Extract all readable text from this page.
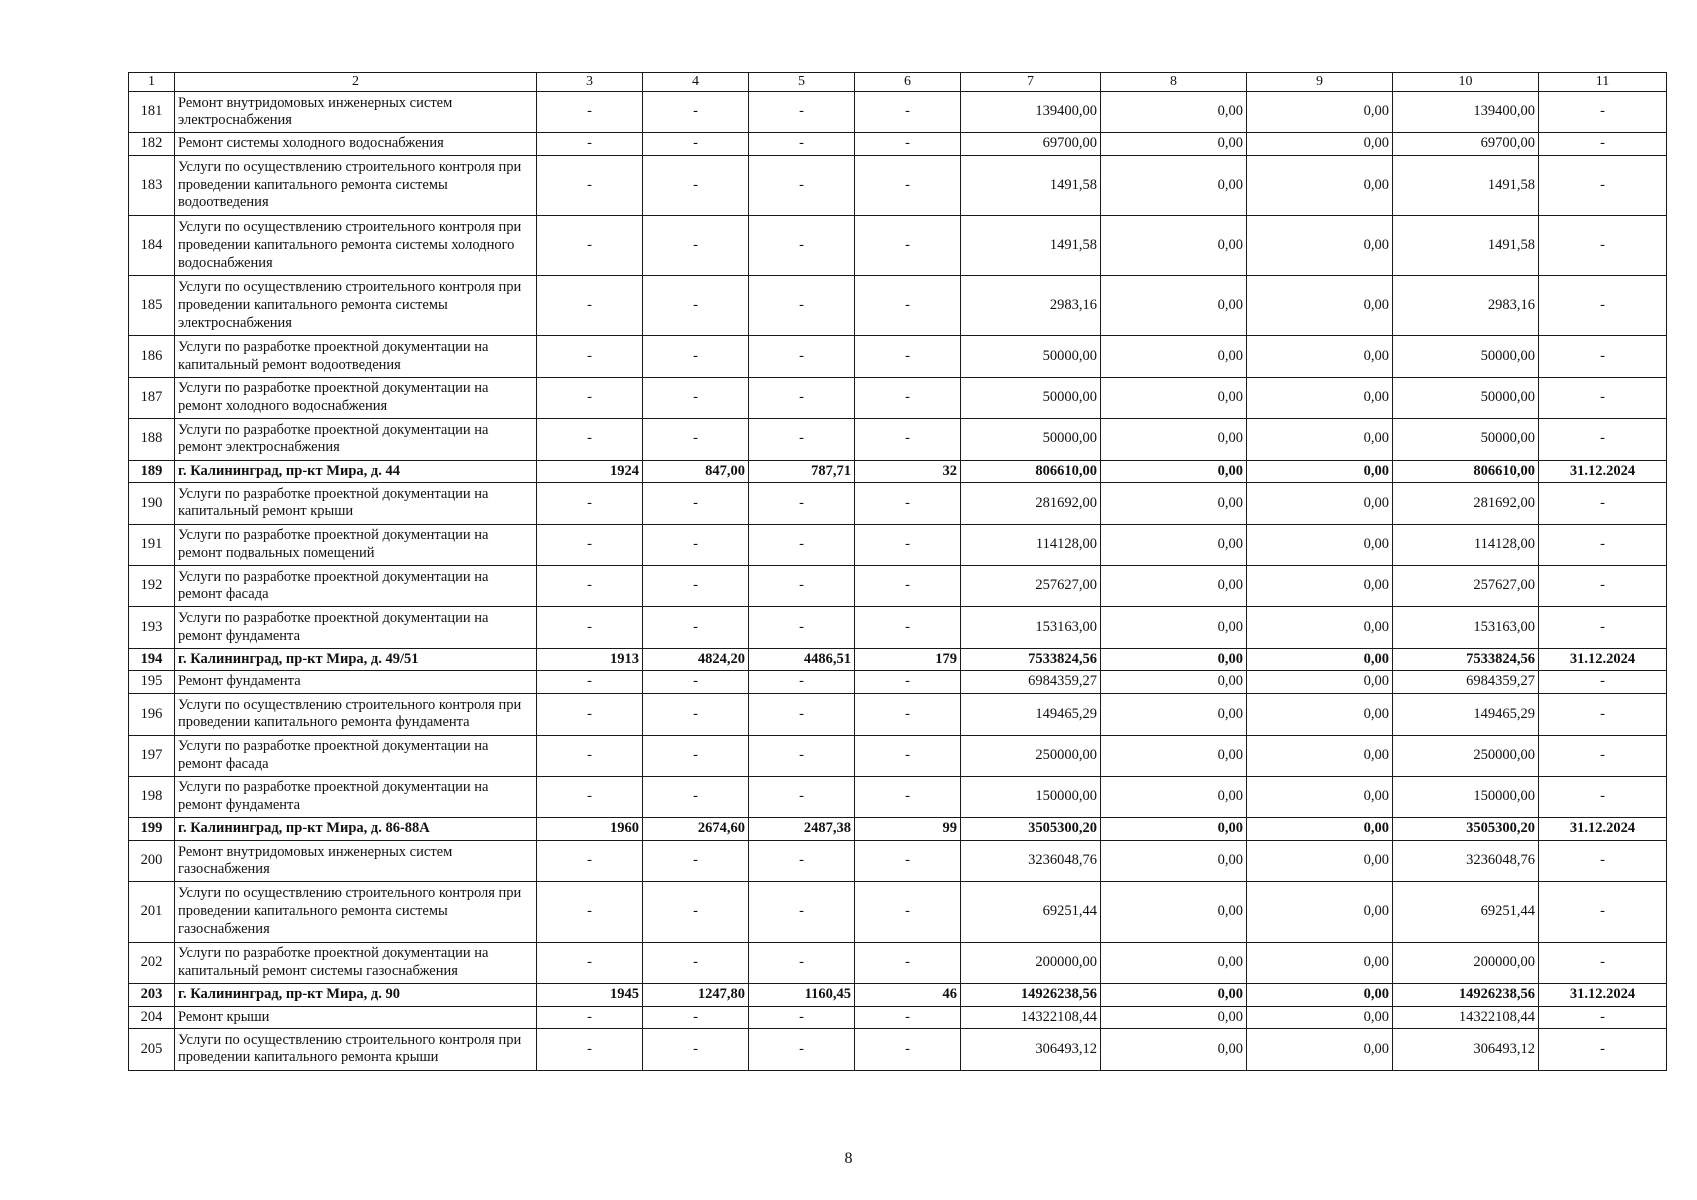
1	2	3	4	5	6	7	8	9	10	11
181	Ремонт внутридомовых инженерных систем электроснабжения	-	-	-	-	139400,00	0,00	0,00	139400,00	-
182	Ремонт системы холодного водоснабжения	-	-	-	-	69700,00	0,00	0,00	69700,00	-
183	Услуги по осуществлению строительного контроля при проведении капитального ремонта системы водоотведения	-	-	-	-	1491,58	0,00	0,00	1491,58	-
184	Услуги по осуществлению строительного контроля при проведении капитального ремонта системы холодного водоснабжения	-	-	-	-	1491,58	0,00	0,00	1491,58	-
185	Услуги по осуществлению строительного контроля при проведении капитального ремонта системы электроснабжения	-	-	-	-	2983,16	0,00	0,00	2983,16	-
186	Услуги по разработке проектной документации на капитальный ремонт водоотведения	-	-	-	-	50000,00	0,00	0,00	50000,00	-
187	Услуги по разработке проектной документации на ремонт холодного водоснабжения	-	-	-	-	50000,00	0,00	0,00	50000,00	-
188	Услуги по разработке проектной документации на ремонт электроснабжения	-	-	-	-	50000,00	0,00	0,00	50000,00	-
189	г. Калининград, пр-кт Мира, д. 44	1924	847,00	787,71	32	806610,00	0,00	0,00	806610,00	31.12.2024
190	Услуги по разработке проектной документации на капитальный ремонт крыши	-	-	-	-	281692,00	0,00	0,00	281692,00	-
191	Услуги по разработке проектной документации на ремонт подвальных помещений	-	-	-	-	114128,00	0,00	0,00	114128,00	-
192	Услуги по разработке проектной документации на ремонт фасада	-	-	-	-	257627,00	0,00	0,00	257627,00	-
193	Услуги по разработке проектной документации на ремонт фундамента	-	-	-	-	153163,00	0,00	0,00	153163,00	-
194	г. Калининград, пр-кт Мира, д. 49/51	1913	4824,20	4486,51	179	7533824,56	0,00	0,00	7533824,56	31.12.2024
195	Ремонт фундамента	-	-	-	-	6984359,27	0,00	0,00	6984359,27	-
196	Услуги по осуществлению строительного контроля при проведении капитального ремонта фундамента	-	-	-	-	149465,29	0,00	0,00	149465,29	-
197	Услуги по разработке проектной документации на ремонт фасада	-	-	-	-	250000,00	0,00	0,00	250000,00	-
198	Услуги по разработке проектной документации на ремонт фундамента	-	-	-	-	150000,00	0,00	0,00	150000,00	-
199	г. Калининград, пр-кт Мира, д. 86-88А	1960	2674,60	2487,38	99	3505300,20	0,00	0,00	3505300,20	31.12.2024
200	Ремонт внутридомовых инженерных систем газоснабжения	-	-	-	-	3236048,76	0,00	0,00	3236048,76	-
201	Услуги по осуществлению строительного контроля при проведении капитального ремонта системы газоснабжения	-	-	-	-	69251,44	0,00	0,00	69251,44	-
202	Услуги по разработке проектной документации на капитальный ремонт системы газоснабжения	-	-	-	-	200000,00	0,00	0,00	200000,00	-
203	г. Калининград, пр-кт Мира, д. 90	1945	1247,80	1160,45	46	14926238,56	0,00	0,00	14926238,56	31.12.2024
204	Ремонт крыши	-	-	-	-	14322108,44	0,00	0,00	14322108,44	-
205	Услуги по осуществлению строительного контроля при проведении капитального ремонта крыши	-	-	-	-	306493,12	0,00	0,00	306493,12	-
8
